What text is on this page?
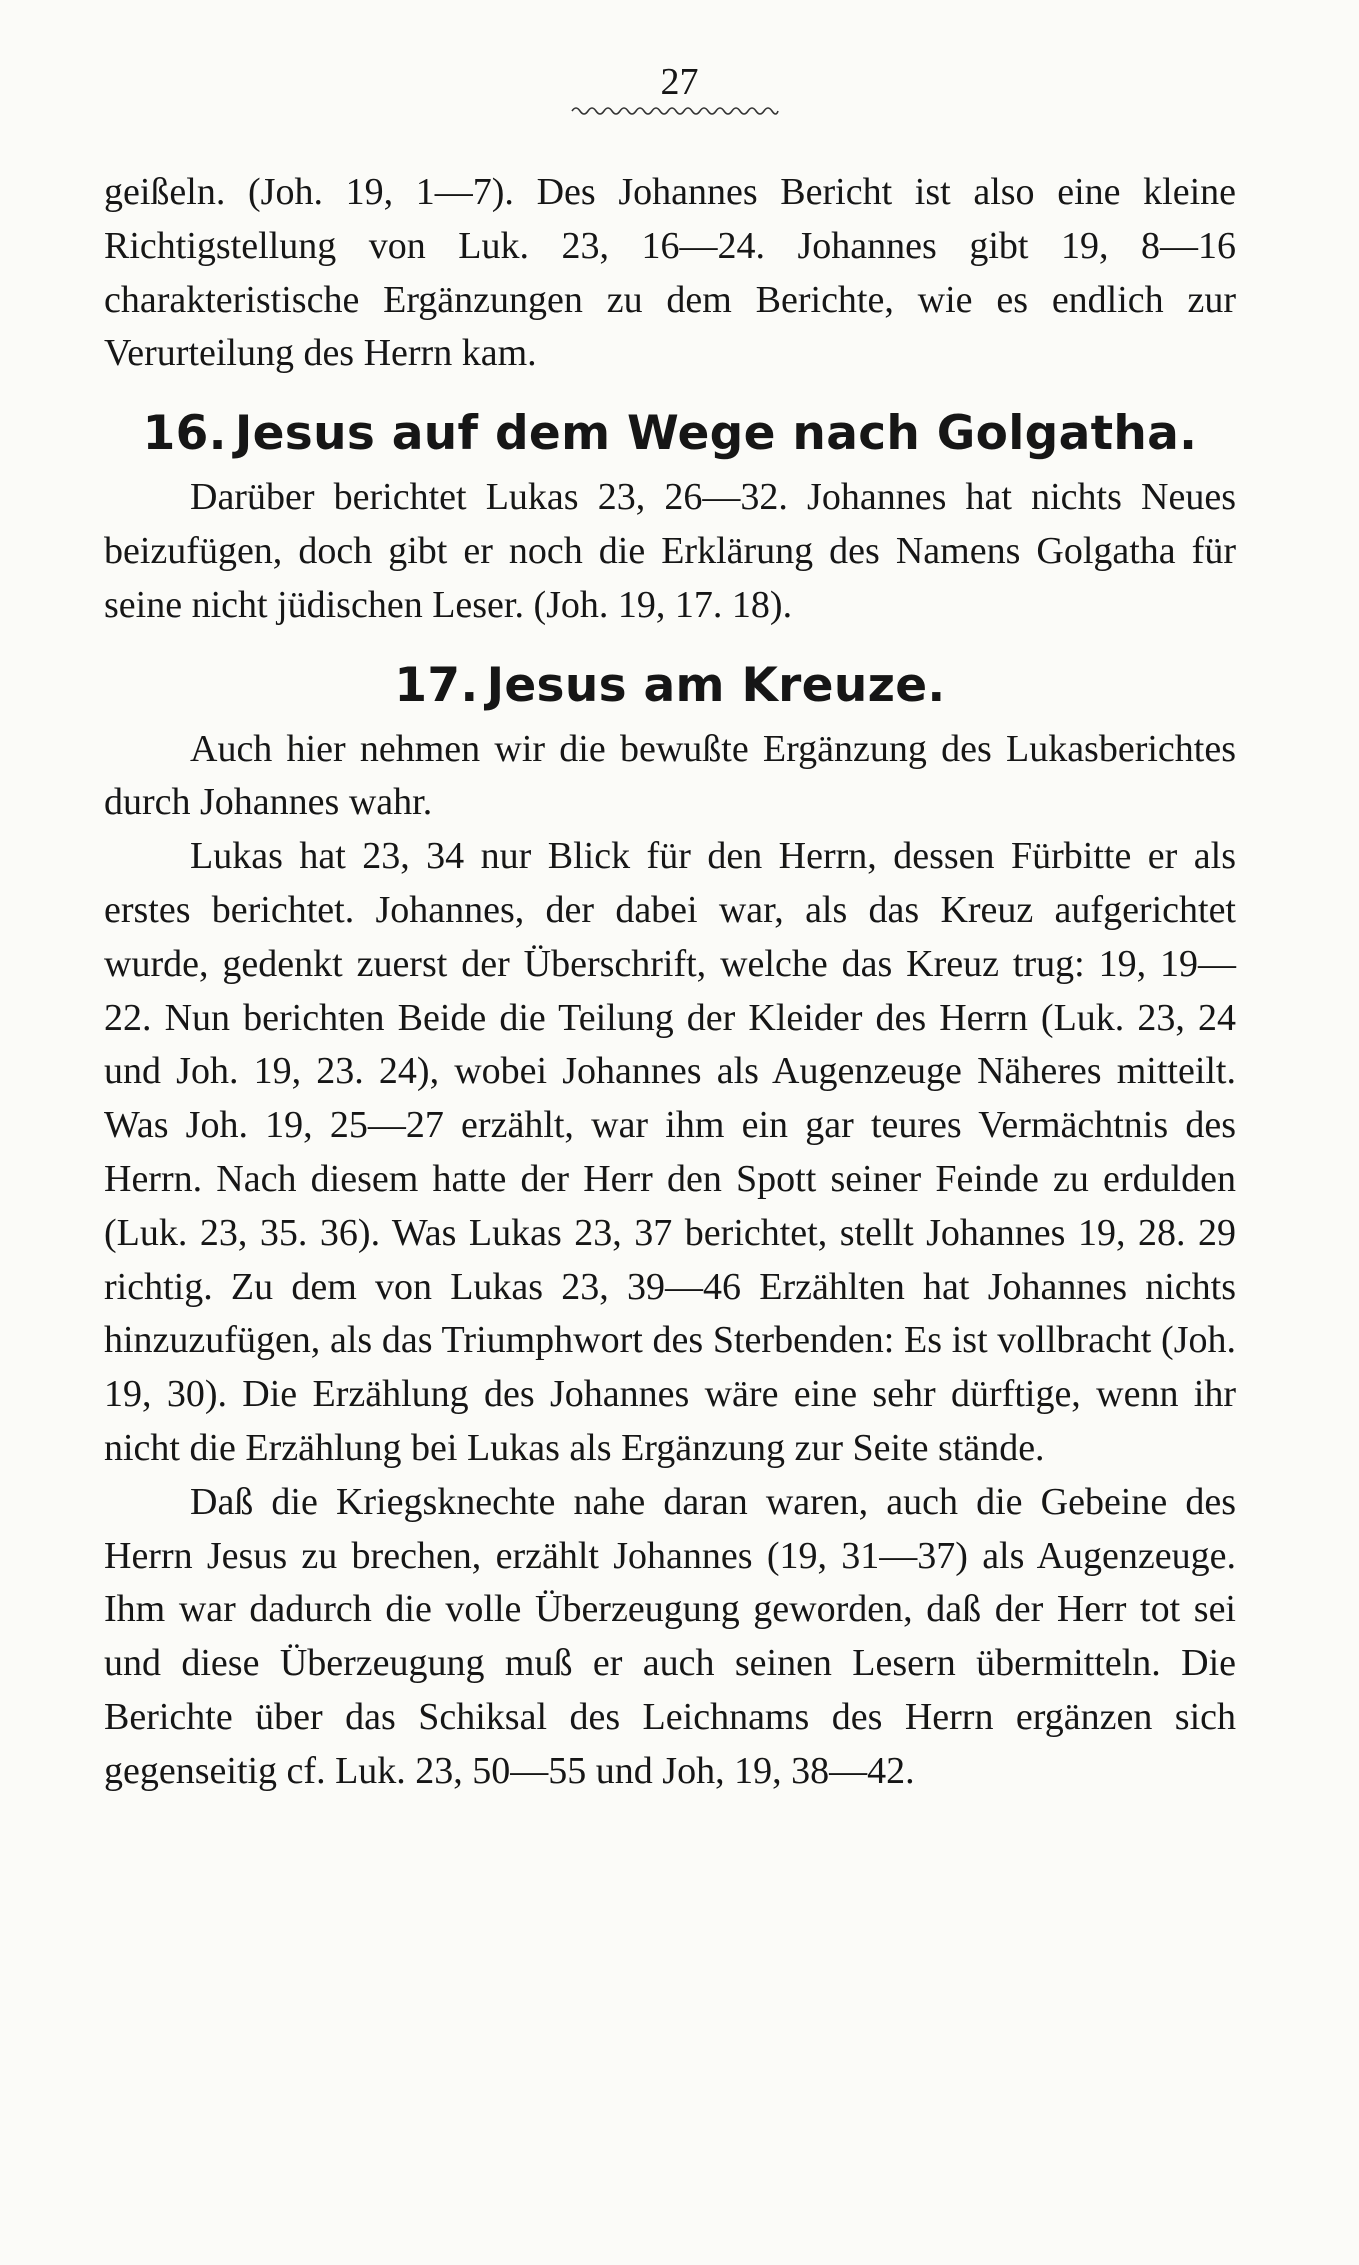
27

geißeln. (Joh. 19, 1—7). Des Johannes Bericht ist also eine kleine Richtigstellung von Luk. 23, 16—24. Johannes gibt 19, 8—16 charakteristische Ergänzungen zu dem Berichte, wie es endlich zur Verurteilung des Herrn kam.

16. Jesus auf dem Wege nach Golgatha.

Darüber berichtet Lukas 23, 26—32. Johannes hat nichts Neues beizufügen, doch gibt er noch die Erklärung des Namens Golgatha für seine nicht jüdischen Leser. (Joh. 19, 17. 18).

17. Jesus am Kreuze.

Auch hier nehmen wir die bewußte Ergänzung des Lukasberichtes durch Johannes wahr.

Lukas hat 23, 34 nur Blick für den Herrn, dessen Fürbitte er als erstes berichtet. Johannes, der dabei war, als das Kreuz aufgerichtet wurde, gedenkt zuerst der Überschrift, welche das Kreuz trug: 19, 19—22. Nun berichten Beide die Teilung der Kleider des Herrn (Luk. 23, 24 und Joh. 19, 23. 24), wobei Johannes als Augenzeuge Näheres mitteilt. Was Joh. 19, 25—27 erzählt, war ihm ein gar teures Vermächtnis des Herrn. Nach diesem hatte der Herr den Spott seiner Feinde zu erdulden (Luk. 23, 35. 36). Was Lukas 23, 37 berichtet, stellt Johannes 19, 28. 29 richtig. Zu dem von Lukas 23, 39—46 Erzählten hat Johannes nichts hinzuzufügen, als das Triumphwort des Sterbenden: Es ist vollbracht (Joh. 19, 30). Die Erzählung des Johannes wäre eine sehr dürftige, wenn ihr nicht die Erzählung bei Lukas als Ergänzung zur Seite stände.

Daß die Kriegsknechte nahe daran waren, auch die Gebeine des Herrn Jesus zu brechen, erzählt Johannes (19, 31—37) als Augenzeuge. Ihm war dadurch die volle Überzeugung geworden, daß der Herr tot sei und diese Überzeugung muß er auch seinen Lesern übermitteln. Die Berichte über das Schiksal des Leichnams des Herrn ergänzen sich gegenseitig cf. Luk. 23, 50—55 und Joh, 19, 38—42.
